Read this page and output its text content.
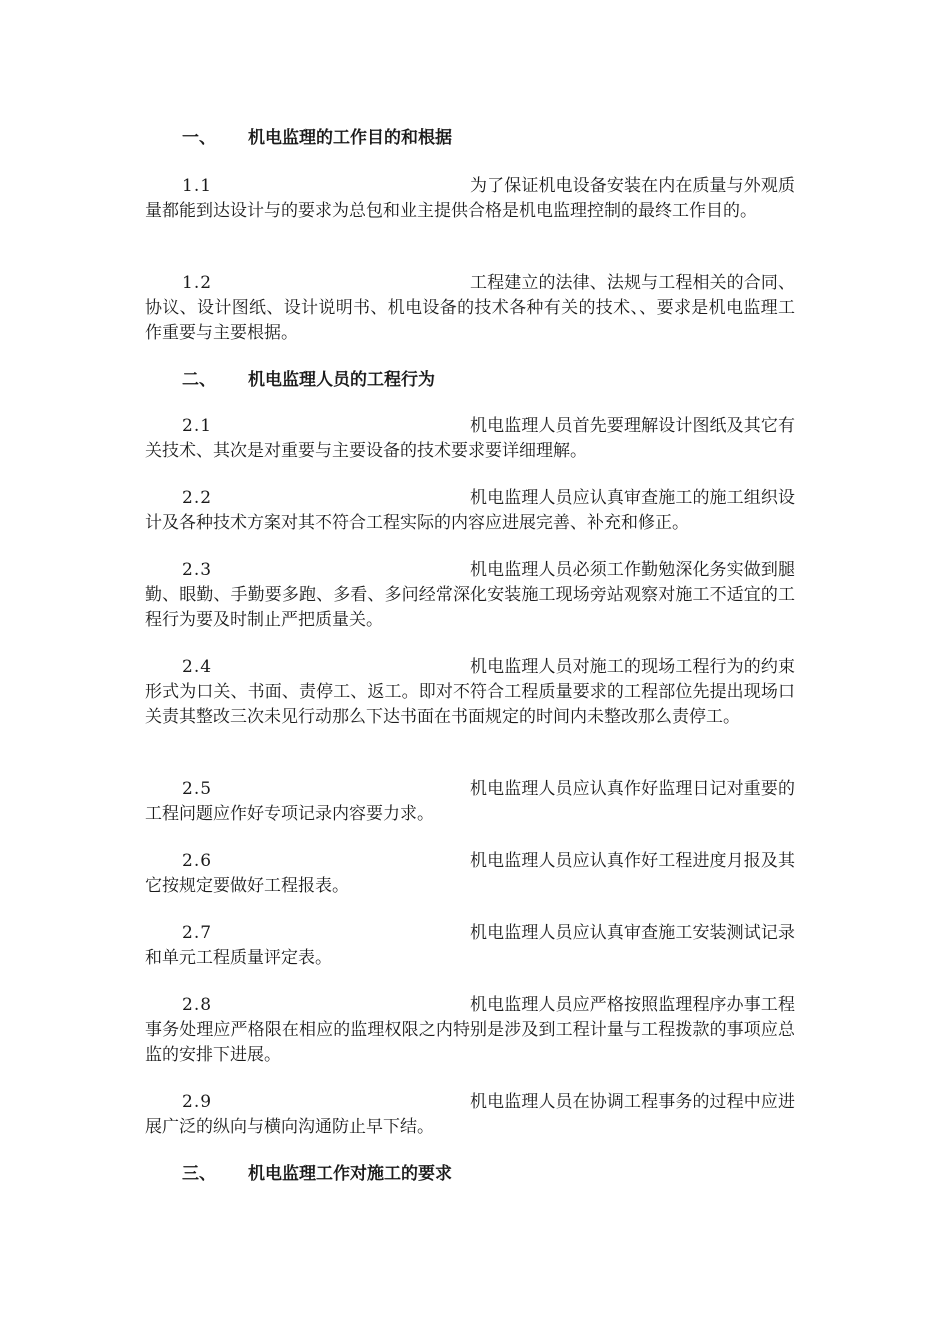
一、 机电监理的工作目的和根据
1.1	为了保证机电设备安装在内在质量与外观质量都能到达设计与的要求为总包和业主提供合格是机电监理控制的最终工作目的。
1.2	工程建立的法律、法规与工程相关的合同、协议、设计图纸、设计说明书、机电设备的技术各种有关的技术、、要求是机电监理工作重要与主要根据。
二、 机电监理人员的工程行为
2.1	机电监理人员首先要理解设计图纸及其它有关技术、其次是对重要与主要设备的技术要求要详细理解。
2.2	机电监理人员应认真审查施工的施工组织设计及各种技术方案对其不符合工程实际的内容应进展完善、补充和修正。
2.3	机电监理人员必须工作勤勉深化务实做到腿勤、眼勤、手勤要多跑、多看、多问经常深化安装施工现场旁站观察对施工不适宜的工程行为要及时制止严把质量关。
2.4	机电监理人员对施工的现场工程行为的约束形式为口关、书面、责停工、返工。即对不符合工程质量要求的工程部位先提出现场口关责其整改三次未见行动那么下达书面在书面规定的时间内未整改那么责停工。
2.5	机电监理人员应认真作好监理日记对重要的工程问题应作好专项记录内容要力求。
2.6	机电监理人员应认真作好工程进度月报及其它按规定要做好工程报表。
2.7	机电监理人员应认真审查施工安装测试记录和单元工程质量评定表。
2.8	机电监理人员应严格按照监理程序办事工程事务处理应严格限在相应的监理权限之内特别是涉及到工程计量与工程拨款的事项应总监的安排下进展。
2.9	机电监理人员在协调工程事务的过程中应进展广泛的纵向与横向沟通防止早下结。
三、 机电监理工作对施工的要求
